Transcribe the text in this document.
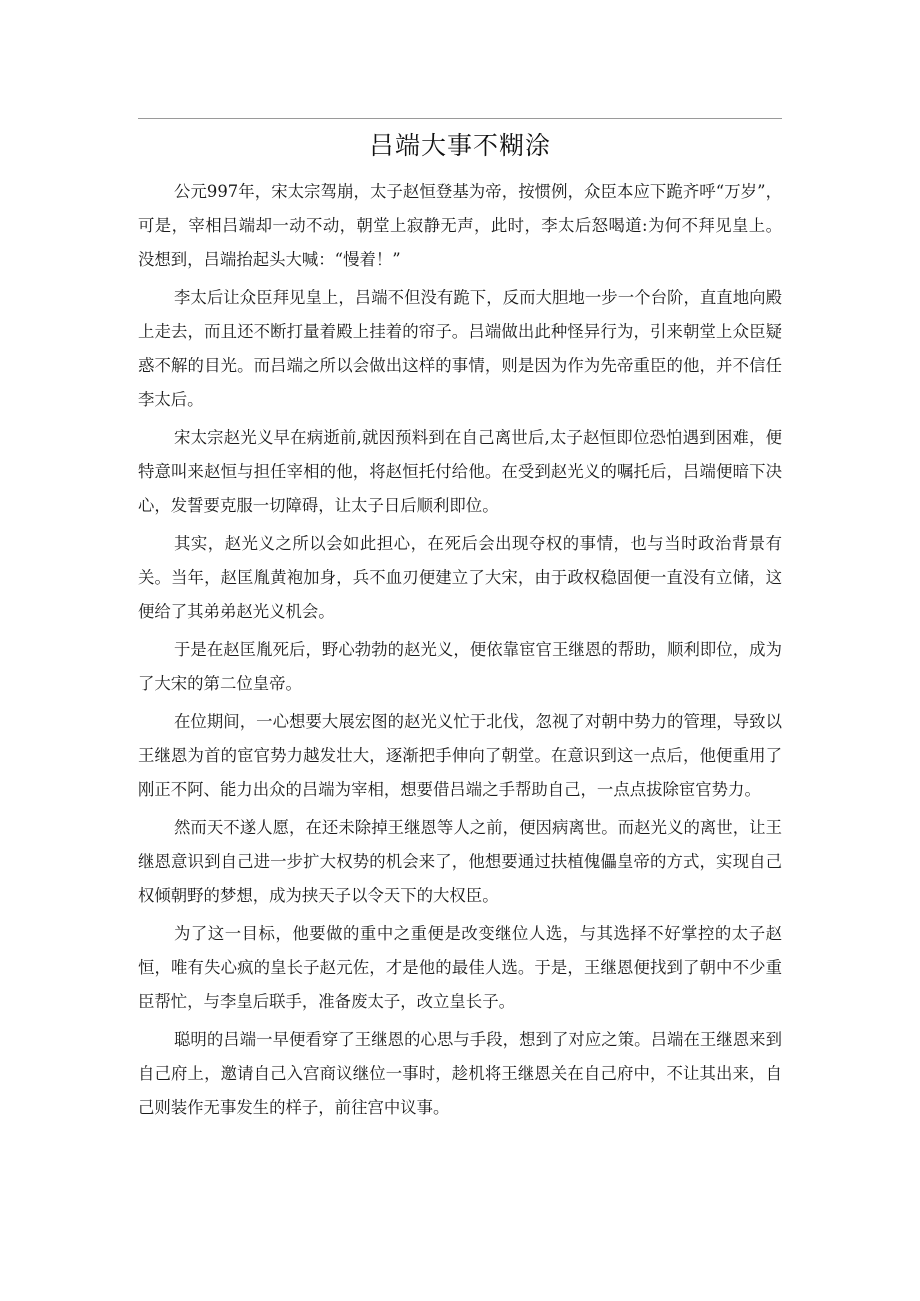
吕端大事不糊涂

公元997年，宋太宗驾崩，太子赵恒登基为帝，按惯例，众臣本应下跪齐呼“万岁”，可是，宰相吕端却一动不动，朝堂上寂静无声，此时，李太后怒喝道:为何不拜见皇上。没想到，吕端抬起头大喊：“慢着！”

李太后让众臣拜见皇上，吕端不但没有跪下，反而大胆地一步一个台阶，直直地向殿上走去，而且还不断打量着殿上挂着的帘子。吕端做出此种怪异行为，引来朝堂上众臣疑惑不解的目光。而吕端之所以会做出这样的事情，则是因为作为先帝重臣的他，并不信任李太后。

宋太宗赵光义早在病逝前,就因预料到在自己离世后,太子赵恒即位恐怕遇到困难，便特意叫来赵恒与担任宰相的他，将赵恒托付给他。在受到赵光义的嘱托后，吕端便暗下决心，发誓要克服一切障碍，让太子日后顺利即位。

其实，赵光义之所以会如此担心，在死后会出现夺权的事情，也与当时政治背景有关。当年，赵匡胤黄袍加身，兵不血刃便建立了大宋，由于政权稳固便一直没有立储，这便给了其弟弟赵光义机会。

于是在赵匡胤死后，野心勃勃的赵光义，便依靠宦官王继恩的帮助，顺利即位，成为了大宋的第二位皇帝。

在位期间，一心想要大展宏图的赵光义忙于北伐，忽视了对朝中势力的管理，导致以王继恩为首的宦官势力越发壮大，逐渐把手伸向了朝堂。在意识到这一点后，他便重用了刚正不阿、能力出众的吕端为宰相，想要借吕端之手帮助自己，一点点拔除宦官势力。

然而天不遂人愿，在还未除掉王继恩等人之前，便因病离世。而赵光义的离世，让王继恩意识到自己进一步扩大权势的机会来了，他想要通过扶植傀儡皇帝的方式，实现自己权倾朝野的梦想，成为挟天子以令天下的大权臣。

为了这一目标，他要做的重中之重便是改变继位人选，与其选择不好掌控的太子赵恒，唯有失心疯的皇长子赵元佐，才是他的最佳人选。于是，王继恩便找到了朝中不少重臣帮忙，与李皇后联手，准备废太子，改立皇长子。

聪明的吕端一早便看穿了王继恩的心思与手段，想到了对应之策。吕端在王继恩来到自己府上，邀请自己入宫商议继位一事时，趁机将王继恩关在自己府中，不让其出来，自己则装作无事发生的样子，前往宫中议事。
